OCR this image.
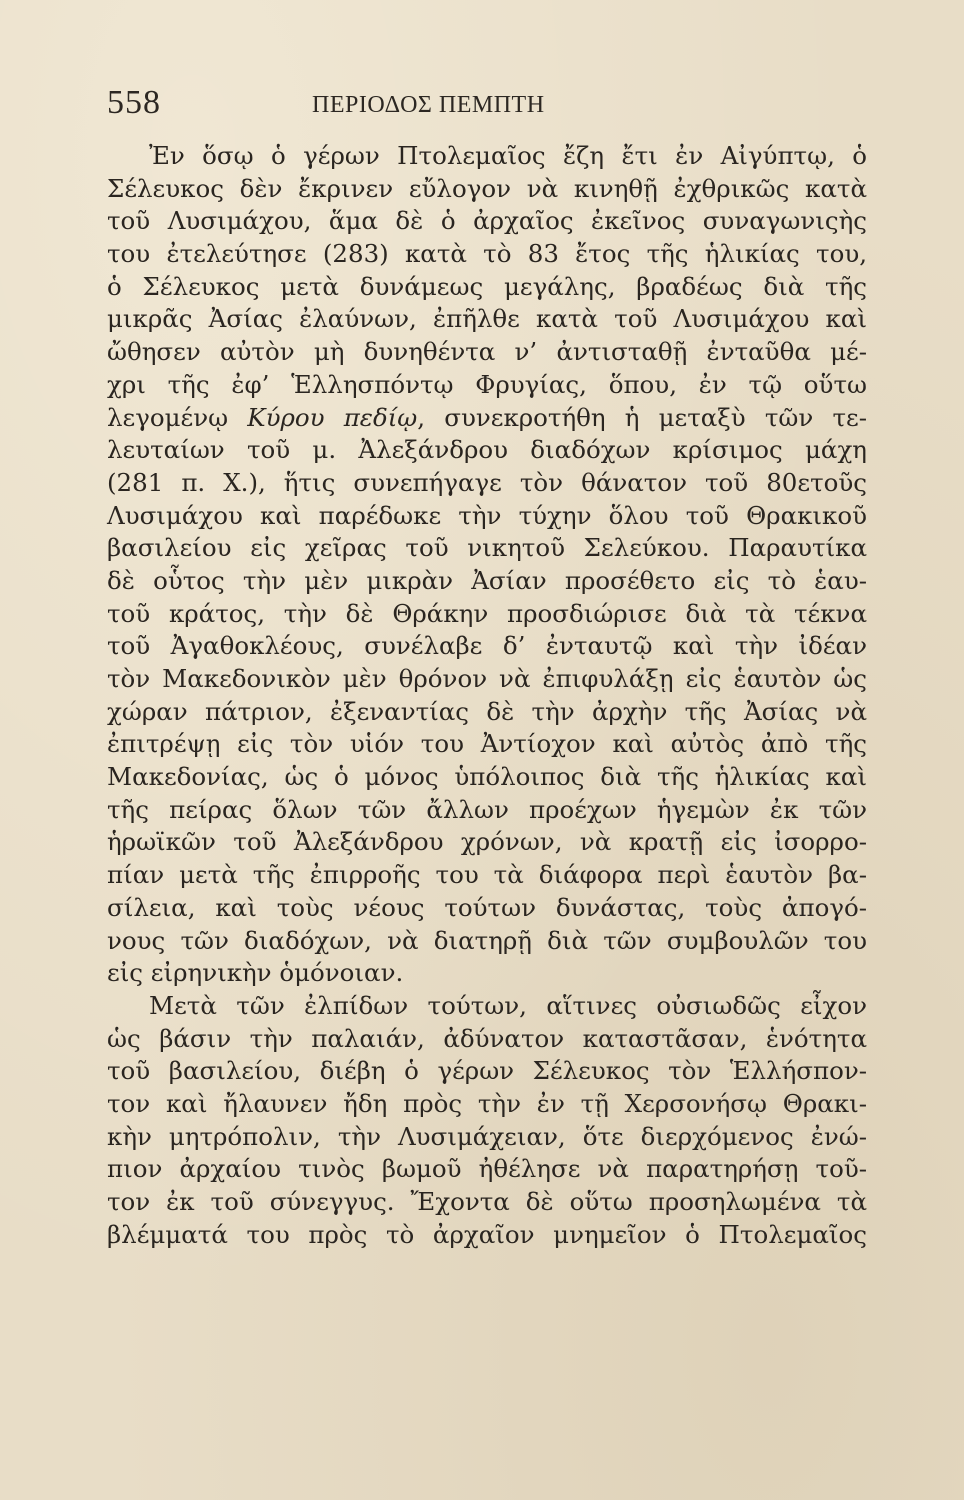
558	ΠΕΡΙΟΔΟΣ ΠΕΜΠΤΗ
Ἐν ὅσῳ ὁ γέρων Πτολεμαῖος ἔζη ἔτι ἐν Αἰγύπτῳ, ὁ
Σέλευκος δὲν ἔκρινεν εὔλογον νὰ κινηθῇ ἐχθρικῶς κατὰ
τοῦ Λυσιμάχου, ἅμα δὲ ὁ ἀρχαῖος ἐκεῖνος συναγωνιςὴς
του ἐτελεύτησε (283) κατὰ τὸ 83 ἔτος τῆς ἡλικίας του,
ὁ Σέλευκος μετὰ δυνάμεως μεγάλης, βραδέως διὰ τῆς
μικρᾶς Ἀσίας ἐλαύνων, ἐπῆλθε κατὰ τοῦ Λυσιμάχου καὶ
ὤθησεν αὐτὸν μὴ δυνηθέντα ν’ ἀντισταθῇ ἐνταῦθα μέ-
χρι τῆς ἐφ’ Ἑλλησπόντῳ Φρυγίας, ὅπου, ἐν τῷ οὕτω
λεγομένῳ Κύρου πεδίῳ, συνεκροτήθη ἡ μεταξὺ τῶν τε-
λευταίων τοῦ μ. Ἀλεξάνδρου διαδόχων κρίσιμος μάχη
(281 π. Χ.), ἥτις συνεπήγαγε τὸν θάνατον τοῦ 80ετοῦς
Λυσιμάχου καὶ παρέδωκε τὴν τύχην ὅλου τοῦ Θρακικοῦ
βασιλείου εἰς χεῖρας τοῦ νικητοῦ Σελεύκου. Παραυτίκα
δὲ οὗτος τὴν μὲν μικρὰν Ἀσίαν προσέθετο εἰς τὸ ἑαυ-
τοῦ κράτος, τὴν δὲ Θράκην προσδιώρισε διὰ τὰ τέκνα
τοῦ Ἀγαθοκλέους, συνέλαβε δ’ ἐνταυτῷ καὶ τὴν ἰδέαν
τὸν Μακεδονικὸν μὲν θρόνον νὰ ἐπιφυλάξῃ εἰς ἑαυτὸν ὡς
χώραν πάτριον, ἐξεναντίας δὲ τὴν ἀρχὴν τῆς Ἀσίας νὰ
ἐπιτρέψῃ εἰς τὸν υἱόν του Ἀντίοχον καὶ αὐτὸς ἀπὸ τῆς
Μακεδονίας, ὡς ὁ μόνος ὑπόλοιπος διὰ τῆς ἡλικίας καὶ
τῆς πείρας ὅλων τῶν ἄλλων προέχων ἡγεμὼν ἐκ τῶν
ἡρωϊκῶν τοῦ Ἀλεξάνδρου χρόνων, νὰ κρατῇ εἰς ἰσορρο-
πίαν μετὰ τῆς ἐπιρροῆς του τὰ διάφορα περὶ ἑαυτὸν βα-
σίλεια, καὶ τοὺς νέους τούτων δυνάστας, τοὺς ἀπογό-
νους τῶν διαδόχων, νὰ διατηρῇ διὰ τῶν συμβουλῶν του
εἰς εἰρηνικὴν ὁμόνοιαν.
Μετὰ τῶν ἐλπίδων τούτων, αἵτινες οὐσιωδῶς εἶχον
ὡς βάσιν τὴν παλαιάν, ἀδύνατον καταστᾶσαν, ἑνότητα
τοῦ βασιλείου, διέβη ὁ γέρων Σέλευκος τὸν Ἑλλήσπον-
τον καὶ ἤλαυνεν ἤδη πρὸς τὴν ἐν τῇ Χερσονήσῳ Θρακι-
κὴν μητρόπολιν, τὴν Λυσιμάχειαν, ὅτε διερχόμενος ἐνώ-
πιον ἀρχαίου τινὸς βωμοῦ ἠθέλησε νὰ παρατηρήσῃ τοῦ-
τον ἐκ τοῦ σύνεγγυς. Ἔχοντα δὲ οὕτω προσηλωμένα τὰ
βλέμματά του πρὸς τὸ ἀρχαῖον μνημεῖον ὁ Πτολεμαῖος
